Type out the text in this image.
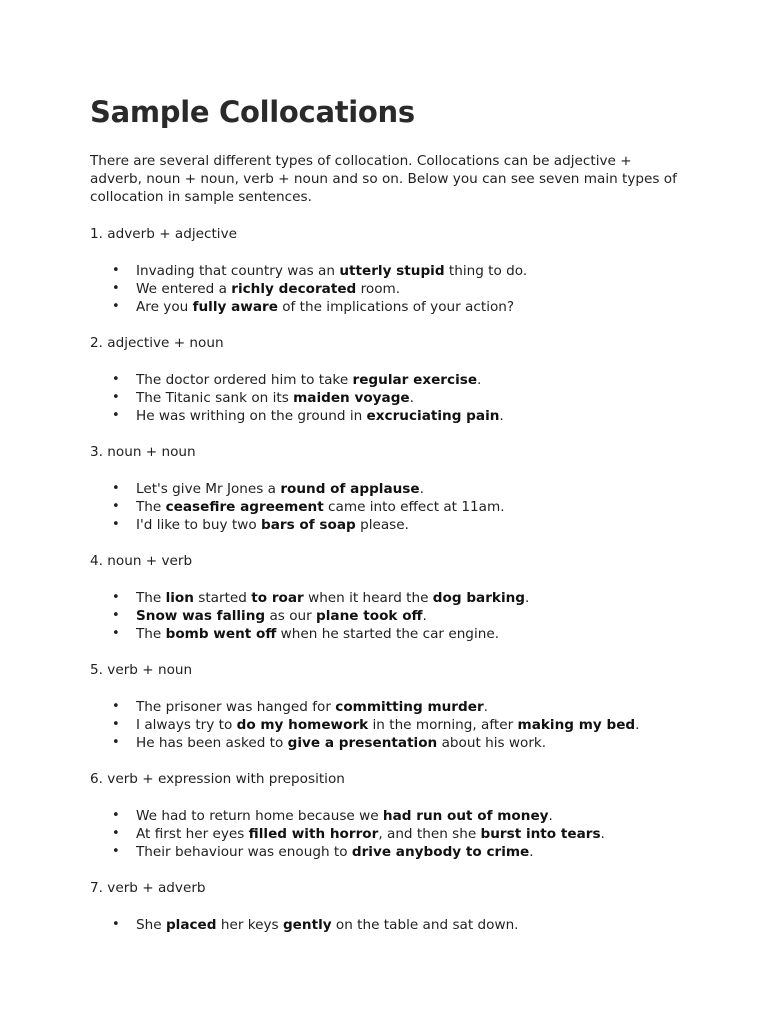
Sample Collocations

There are several different types of collocation. Collocations can be adjective + adverb, noun + noun, verb + noun and so on. Below you can see seven main types of collocation in sample sentences.

1. adverb + adjective
• Invading that country was an utterly stupid thing to do.
• We entered a richly decorated room.
• Are you fully aware of the implications of your action?
2. adjective + noun
• The doctor ordered him to take regular exercise.
• The Titanic sank on its maiden voyage.
• He was writhing on the ground in excruciating pain.
3. noun + noun
• Let's give Mr Jones a round of applause.
• The ceasefire agreement came into effect at 11am.
• I'd like to buy two bars of soap please.
4. noun + verb
• The lion started to roar when it heard the dog barking.
• Snow was falling as our plane took off.
• The bomb went off when he started the car engine.
5. verb + noun
• The prisoner was hanged for committing murder.
• I always try to do my homework in the morning, after making my bed.
• He has been asked to give a presentation about his work.
6. verb + expression with preposition
• We had to return home because we had run out of money.
• At first her eyes filled with horror, and then she burst into tears.
• Their behaviour was enough to drive anybody to crime.
7. verb + adverb
• She placed her keys gently on the table and sat down.
